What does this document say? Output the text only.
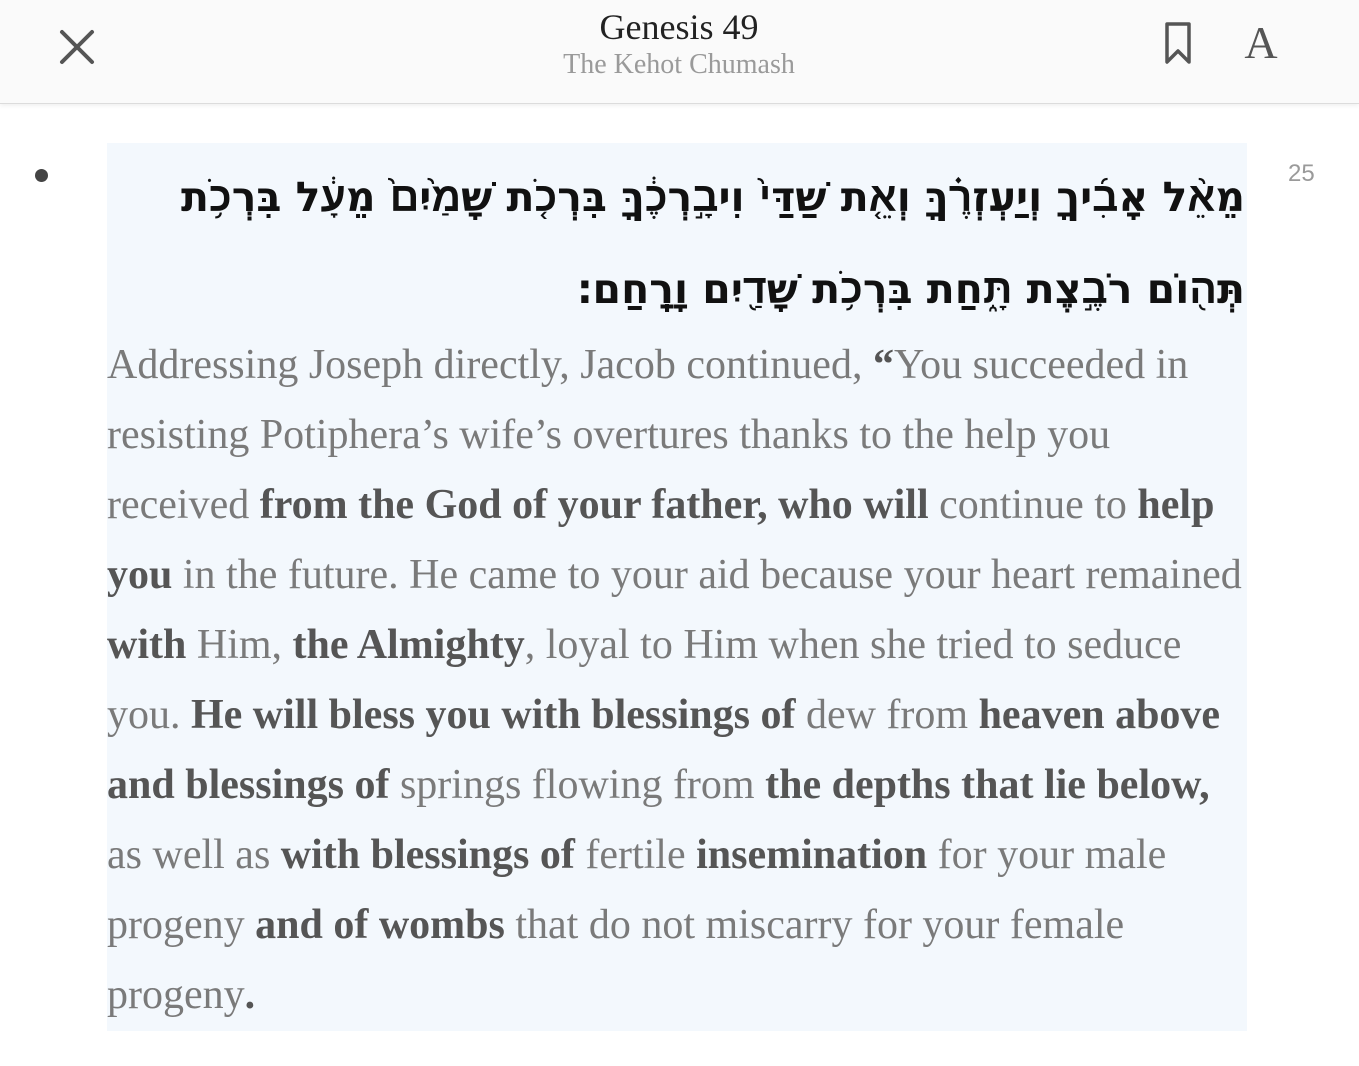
Genesis 49
The Kehot Chumash	A
מֵאֵ֨ל אָבִ֜יךָ וְיַעְזְרֶ֗ךָּ וְאֵ֤ת שַׁדַּי֙ וִיבָ֣רְכֶ֔ךָּ בִּרְכֹ֤ת שָׁמַ֙יִם֙ מֵעָ֔ל בִּרְכֹ֥ת תְּה֖וֹם רֹבֶ֣צֶת תָּ֑חַת בִּרְכֹ֥ת שָׁדַ֖יִם וָרָֽחַם׃
Addressing Joseph directly, Jacob continued, “You succeeded in resisting Potiphera’s wife’s overtures thanks to the help you received from the God of your father, who will continue to help you in the future. He came to your aid because your heart remained with Him, the Almighty, loyal to Him when she tried to seduce you. He will bless you with blessings of dew from heaven above and blessings of springs flowing from the depths that lie below, as well as with blessings of fertile insemination for your male progeny and of wombs that do not miscarry for your female progeny.
25
